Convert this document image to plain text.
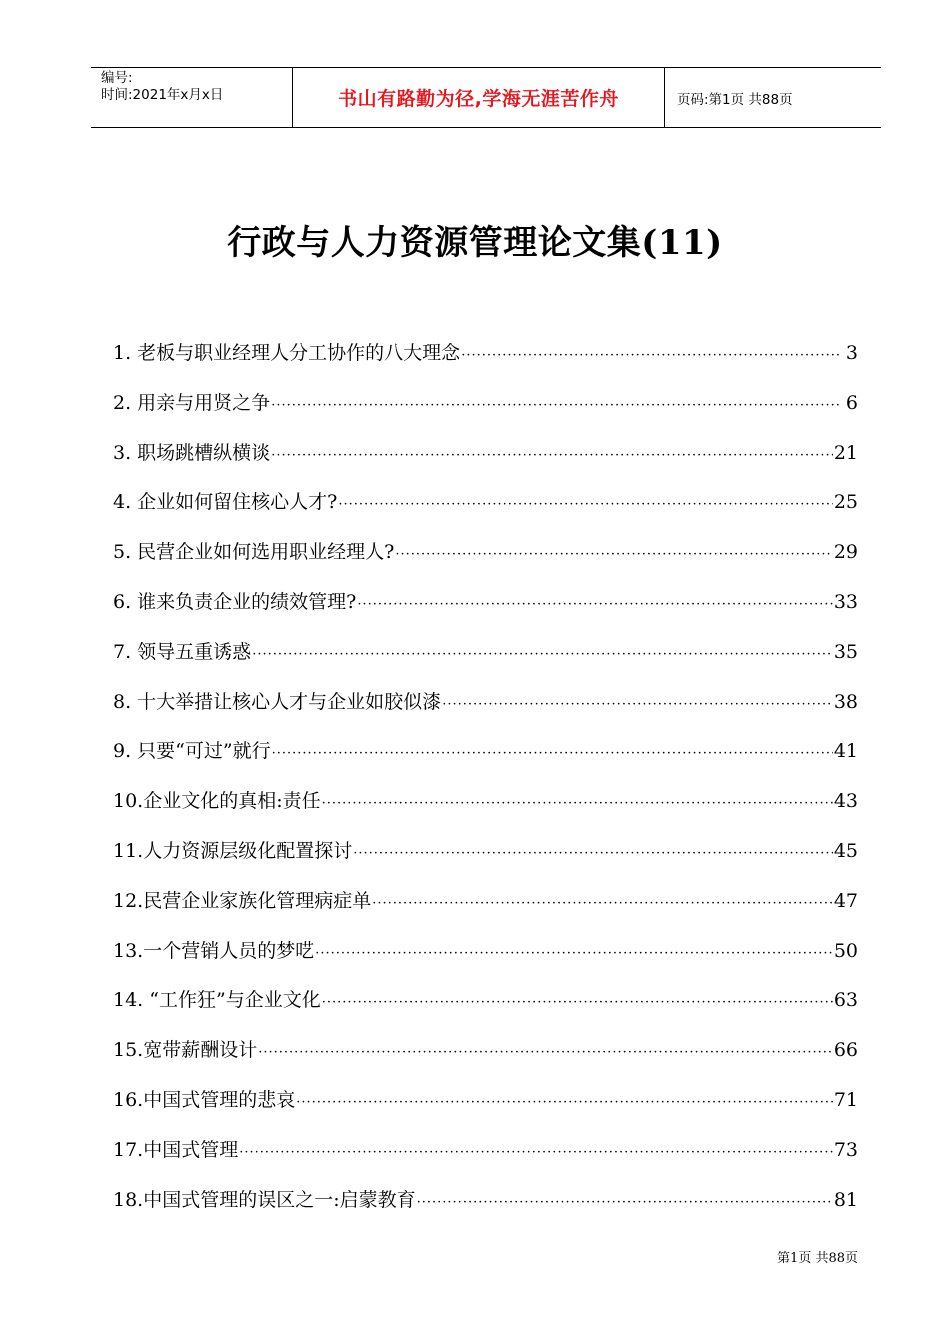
编号:
时间:2021年x月x日	书山有路勤为径,学海无涯苦作舟	页码:第1页 共88页
行政与人力资源管理论文集(11)
1. 老板与职业经理人分工协作的八大理念 ·····	3
2. 用亲与用贤之争 ·····	6
3. 职场跳槽纵横谈 ·····	21
4. 企业如何留住核心人才? ·····	25
5. 民营企业如何选用职业经理人? ·····	29
6. 谁来负责企业的绩效管理? ·····	33
7. 领导五重诱惑 ·····	35
8. 十大举措让核心人才与企业如胶似漆 ·····	38
9. 只要“可过”就行 ·····	41
10. 企业文化的真相:责任 ·····	43
11. 人力资源层级化配置探讨 ·····	45
12. 民营企业家族化管理病症单 ·····	47
13. 一个营销人员的梦呓 ·····	50
14. “工作狂”与企业文化 ·····	63
15. 宽带薪酬设计 ·····	66
16. 中国式管理的悲哀 ·····	71
17. 中国式管理 ·····	73
18. 中国式管理的误区之一:启蒙教育 ·····	81
第1页 共88页
